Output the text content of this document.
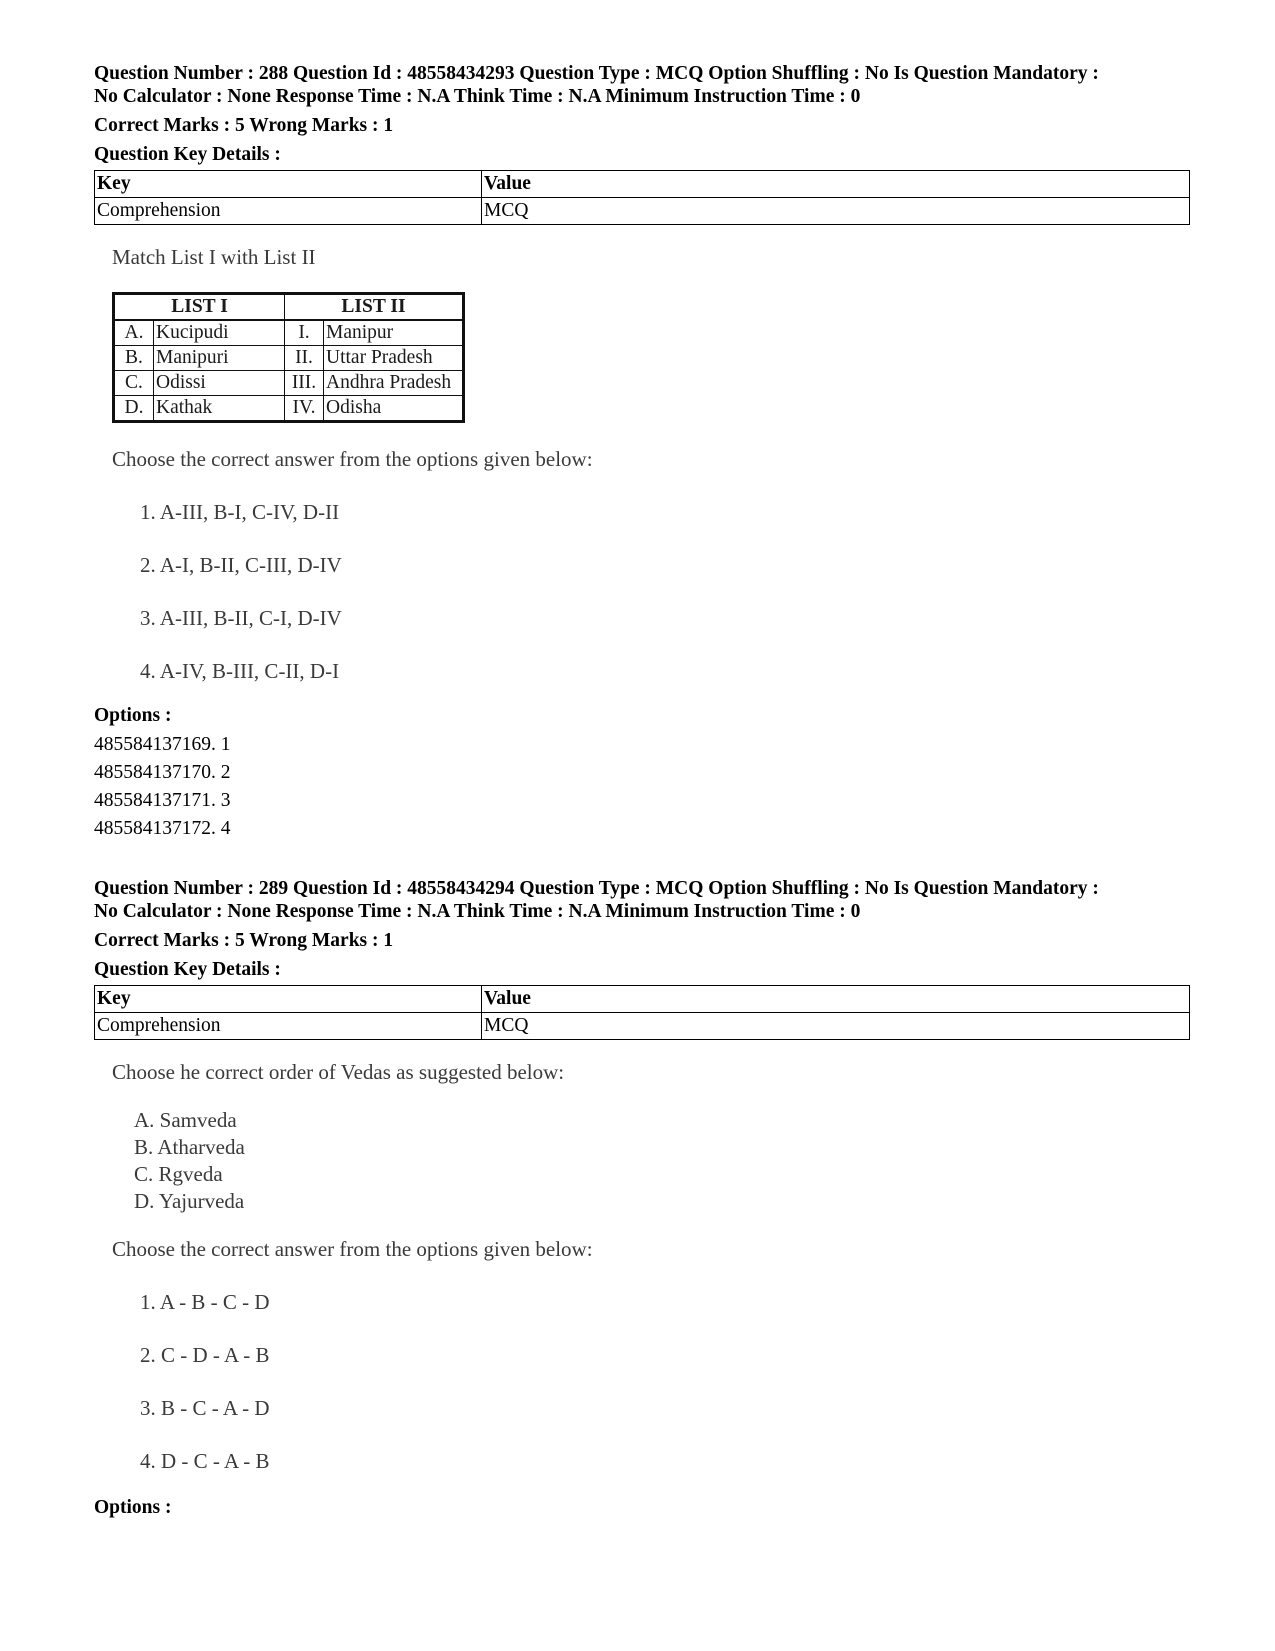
Question Number : 288 Question Id : 48558434293 Question Type : MCQ Option Shuffling : No Is Question Mandatory :
No Calculator : None Response Time : N.A Think Time : N.A Minimum Instruction Time : 0
Correct Marks : 5 Wrong Marks : 1
Question Key Details :
Key	Value
Comprehension	MCQ
Match List I with List II
LIST I		LIST II	
A.	Kucipudi	I.	Manipur
B.	Manipuri	II.	Uttar Pradesh
C.	Odissi	III.	Andhra Pradesh
D.	Kathak	IV.	Odisha
Choose the correct answer from the options given below:
1. A-III, B-I, C-IV, D-II
2. A-I, B-II, C-III, D-IV
3. A-III, B-II, C-I, D-IV
4. A-IV, B-III, C-II, D-I
Options :
485584137169. 1
485584137170. 2
485584137171. 3
485584137172. 4
Question Number : 289 Question Id : 48558434294 Question Type : MCQ Option Shuffling : No Is Question Mandatory :
No Calculator : None Response Time : N.A Think Time : N.A Minimum Instruction Time : 0
Correct Marks : 5 Wrong Marks : 1
Question Key Details :
Key	Value
Comprehension	MCQ
Choose he correct order of Vedas as suggested below:
A. Samveda
B. Atharveda
C. Rgveda
D. Yajurveda
Choose the correct answer from the options given below:
1. A - B - C - D
2. C - D - A - B
3. B - C - A - D
4. D - C - A - B
Options :
